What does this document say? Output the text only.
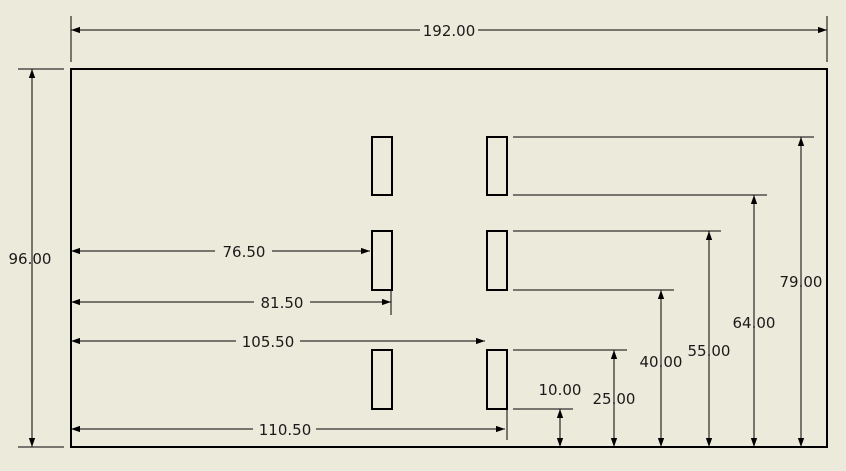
192.00
96.00	76.50
81.50
105.50
110.50
10.00 25.00
40.00
55.00
64.00
79.00
